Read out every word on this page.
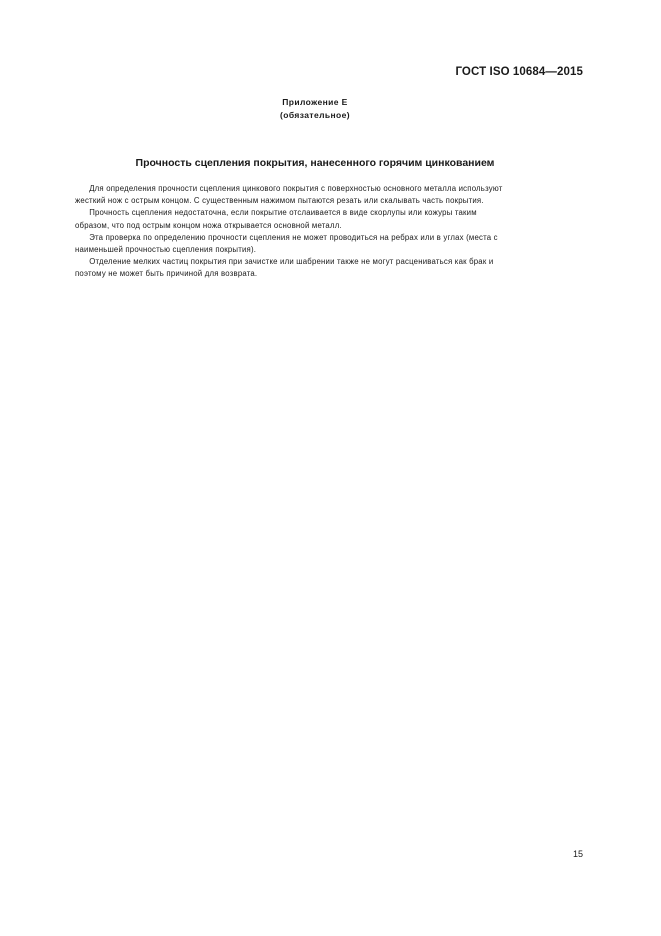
ГОСТ ISO 10684—2015
Приложение Е
(обязательное)
Прочность сцепления покрытия, нанесенного горячим цинкованием

Для определения прочности сцепления цинкового покрытия с поверхностью основного металла используют

жесткий нож с острым концом. С существенным нажимом пытаются резать или скалывать часть покрытия.

Прочность сцепления недостаточна, если покрытие отслаивается в виде скорлупы или кожуры таким

образом, что под острым концом ножа открывается основной металл.

Эта проверка по определению прочности сцепления не может проводиться на ребрах или в углах (места с

наименьшей прочностью сцепления покрытия).

Отделение мелких частиц покрытия при зачистке или шабрении также не могут расцениваться как брак и

поэтому не может быть причиной для возврата.

15
